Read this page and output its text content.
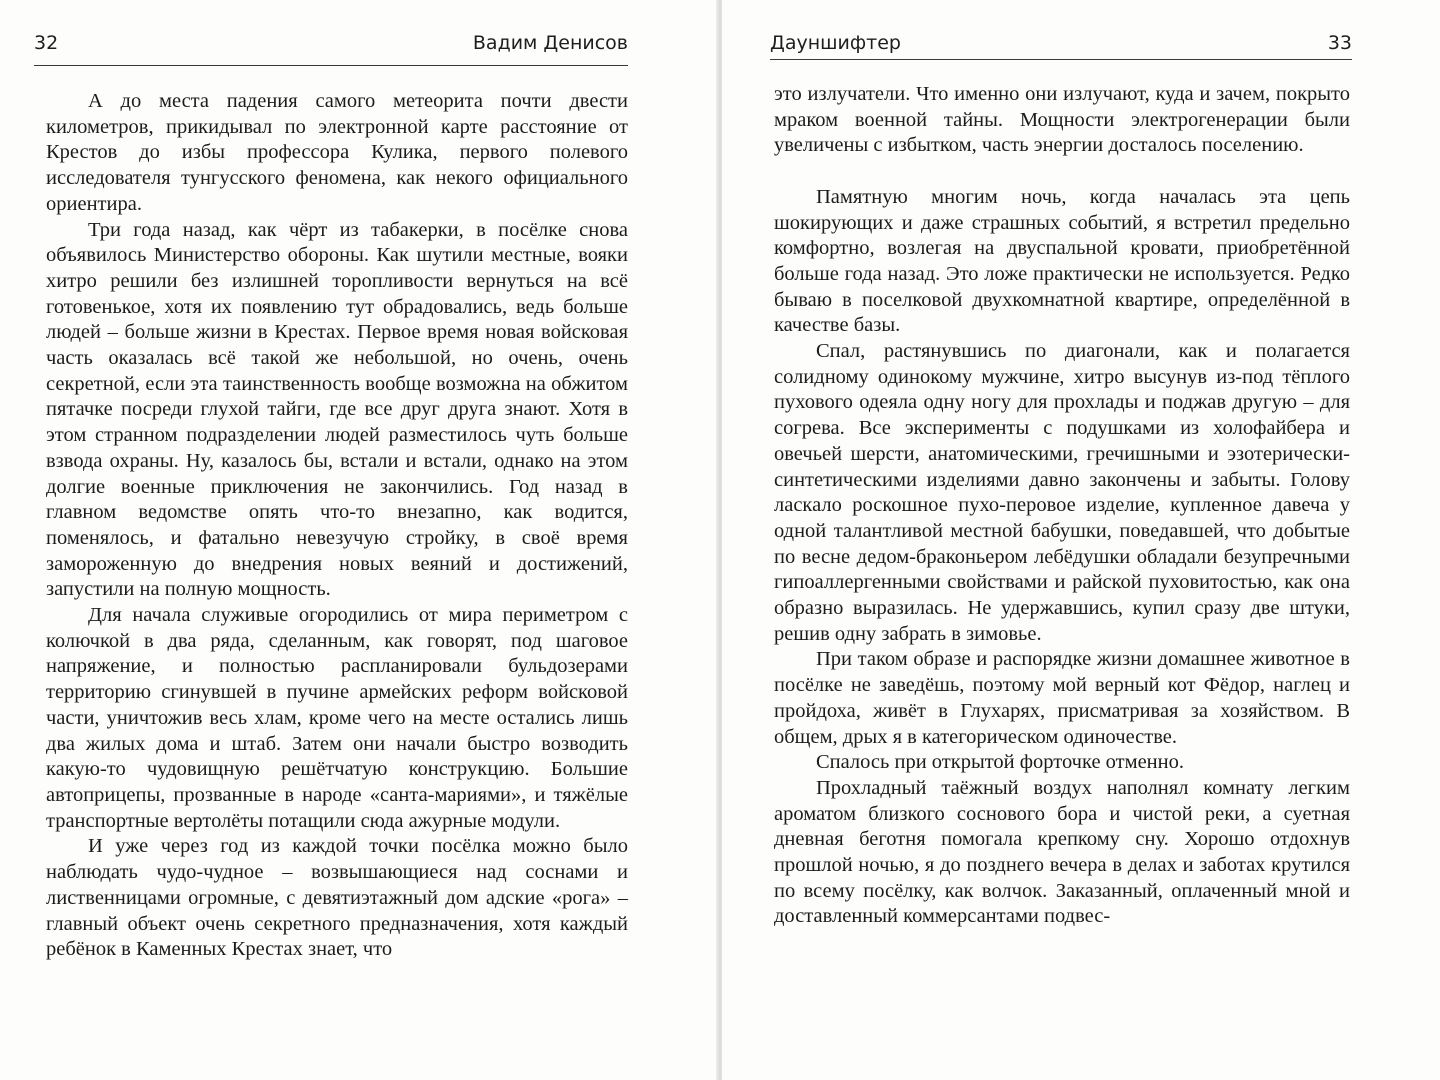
32	Вадим Денисов

А до места падения самого метеорита почти двести километров, прикидывал по электронной карте расстояние от Крестов до избы профессора Кулика, первого полевого исследователя тунгусского феномена, как некого официального ориентира.

Три года назад, как чёрт из табакерки, в посёлке снова объявилось Министерство обороны. Как шутили местные, вояки хитро решили без излишней торопливости вернуться на всё готовенькое, хотя их появлению тут обрадовались, ведь больше людей – больше жизни в Крестах. Первое время новая войсковая часть оказалась всё такой же небольшой, но очень, очень секретной, если эта таинственность вообще возможна на обжитом пятачке посреди глухой тайги, где все друг друга знают. Хотя в этом странном подразделении людей разместилось чуть больше взвода охраны. Ну, казалось бы, встали и встали, однако на этом долгие военные приключения не закончились. Год назад в главном ведомстве опять что-то внезапно, как водится, поменялось, и фатально невезучую стройку, в своё время замороженную до внедрения новых веяний и достижений, запустили на полную мощность.

Для начала служивые огородились от мира периметром с колючкой в два ряда, сделанным, как говорят, под шаговое напряжение, и полностью распланировали бульдозерами территорию сгинувшей в пучине армейских реформ войсковой части, уничтожив весь хлам, кроме чего на месте остались лишь два жилых дома и штаб. Затем они начали быстро возводить какую-то чудовищную решётчатую конструкцию. Большие автоприцепы, прозванные в народе «санта-мариями», и тяжёлые транспортные вертолёты потащили сюда ажурные модули.

И уже через год из каждой точки посёлка можно было наблюдать чудо-чудное – возвышающиеся над соснами и лиственницами огромные, с девятиэтажный дом адские «рога» – главный объект очень секретного предназначения, хотя каждый ребёнок в Каменных Крестах знает, что

Дауншифтер	33

это излучатели. Что именно они излучают, куда и зачем, покрыто мраком военной тайны. Мощности электрогенерации были увеличены с избытком, часть энергии досталось поселению.

Памятную многим ночь, когда началась эта цепь шокирующих и даже страшных событий, я встретил предельно комфортно, возлегая на двуспальной кровати, приобретённой больше года назад. Это ложе практически не используется. Редко бываю в поселковой двухкомнатной квартире, определённой в качестве базы.

Спал, растянувшись по диагонали, как и полагается солидному одинокому мужчине, хитро высунув из-под тёплого пухового одеяла одну ногу для прохлады и поджав другую – для согрева. Все эксперименты с подушками из холофайбера и овечьей шерсти, анатомическими, гречишными и эзотерически-синтетическими изделиями давно закончены и забыты. Голову ласкало роскошное пухо-перовое изделие, купленное давеча у одной талантливой местной бабушки, поведавшей, что добытые по весне дедом-браконьером лебёдушки обладали безупречными гипоаллергенными свойствами и райской пуховитостью, как она образно выразилась. Не удержавшись, купил сразу две штуки, решив одну забрать в зимовье.

При таком образе и распорядке жизни домашнее животное в посёлке не заведёшь, поэтому мой верный кот Фёдор, наглец и пройдоха, живёт в Глухарях, присматривая за хозяйством. В общем, дрых я в категорическом одиночестве.

Спалось при открытой форточке отменно.

Прохладный таёжный воздух наполнял комнату легким ароматом близкого соснового бора и чистой реки, а суетная дневная беготня помогала крепкому сну. Хорошо отдохнув прошлой ночью, я до позднего вечера в делах и заботах крутился по всему посёлку, как волчок. Заказанный, оплаченный мной и доставленный коммерсантами подвес-
